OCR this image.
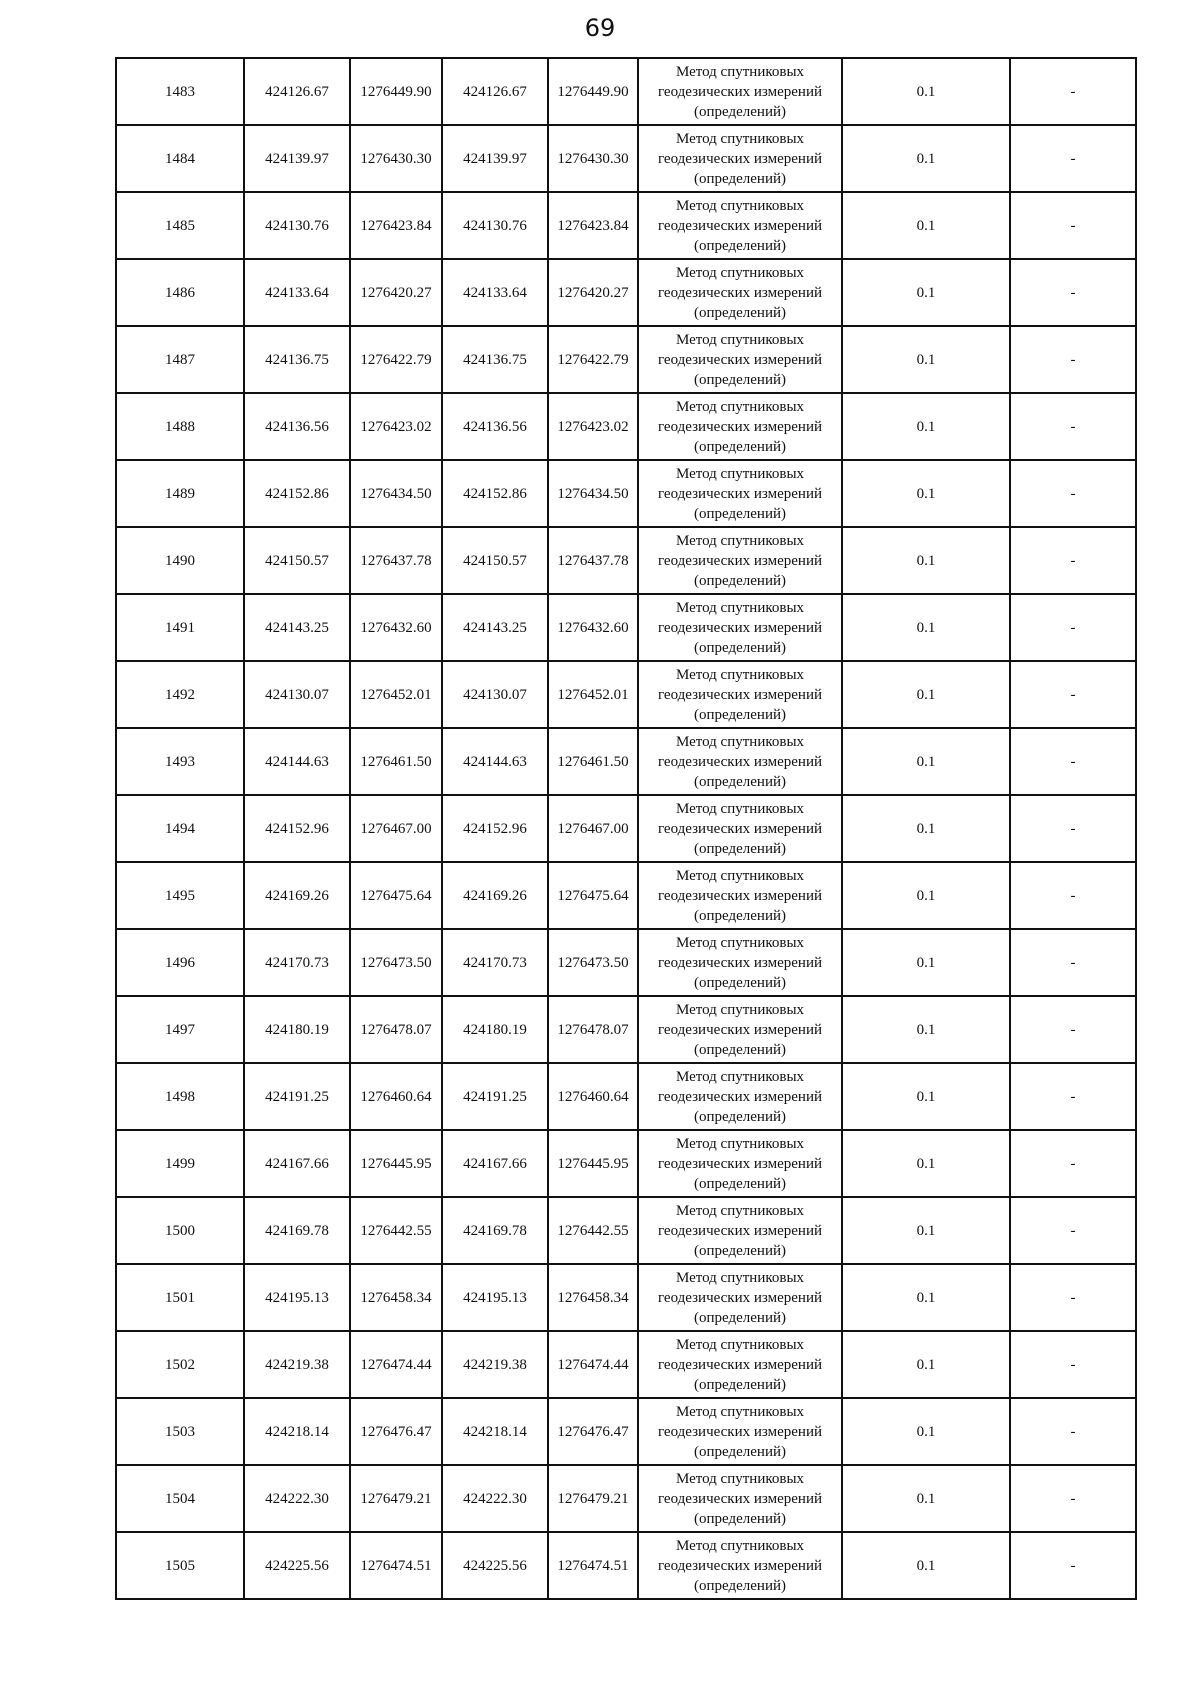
69
1483	424126.67	1276449.90	424126.67	1276449.90	Метод спутниковых
геодезических измерений
(определений)	0.1	-
1484	424139.97	1276430.30	424139.97	1276430.30	Метод спутниковых
геодезических измерений
(определений)	0.1	-
1485	424130.76	1276423.84	424130.76	1276423.84	Метод спутниковых
геодезических измерений
(определений)	0.1	-
1486	424133.64	1276420.27	424133.64	1276420.27	Метод спутниковых
геодезических измерений
(определений)	0.1	-
1487	424136.75	1276422.79	424136.75	1276422.79	Метод спутниковых
геодезических измерений
(определений)	0.1	-
1488	424136.56	1276423.02	424136.56	1276423.02	Метод спутниковых
геодезических измерений
(определений)	0.1	-
1489	424152.86	1276434.50	424152.86	1276434.50	Метод спутниковых
геодезических измерений
(определений)	0.1	-
1490	424150.57	1276437.78	424150.57	1276437.78	Метод спутниковых
геодезических измерений
(определений)	0.1	-
1491	424143.25	1276432.60	424143.25	1276432.60	Метод спутниковых
геодезических измерений
(определений)	0.1	-
1492	424130.07	1276452.01	424130.07	1276452.01	Метод спутниковых
геодезических измерений
(определений)	0.1	-
1493	424144.63	1276461.50	424144.63	1276461.50	Метод спутниковых
геодезических измерений
(определений)	0.1	-
1494	424152.96	1276467.00	424152.96	1276467.00	Метод спутниковых
геодезических измерений
(определений)	0.1	-
1495	424169.26	1276475.64	424169.26	1276475.64	Метод спутниковых
геодезических измерений
(определений)	0.1	-
1496	424170.73	1276473.50	424170.73	1276473.50	Метод спутниковых
геодезических измерений
(определений)	0.1	-
1497	424180.19	1276478.07	424180.19	1276478.07	Метод спутниковых
геодезических измерений
(определений)	0.1	-
1498	424191.25	1276460.64	424191.25	1276460.64	Метод спутниковых
геодезических измерений
(определений)	0.1	-
1499	424167.66	1276445.95	424167.66	1276445.95	Метод спутниковых
геодезических измерений
(определений)	0.1	-
1500	424169.78	1276442.55	424169.78	1276442.55	Метод спутниковых
геодезических измерений
(определений)	0.1	-
1501	424195.13	1276458.34	424195.13	1276458.34	Метод спутниковых
геодезических измерений
(определений)	0.1	-
1502	424219.38	1276474.44	424219.38	1276474.44	Метод спутниковых
геодезических измерений
(определений)	0.1	-
1503	424218.14	1276476.47	424218.14	1276476.47	Метод спутниковых
геодезических измерений
(определений)	0.1	-
1504	424222.30	1276479.21	424222.30	1276479.21	Метод спутниковых
геодезических измерений
(определений)	0.1	-
1505	424225.56	1276474.51	424225.56	1276474.51	Метод спутниковых
геодезических измерений
(определений)	0.1	-
